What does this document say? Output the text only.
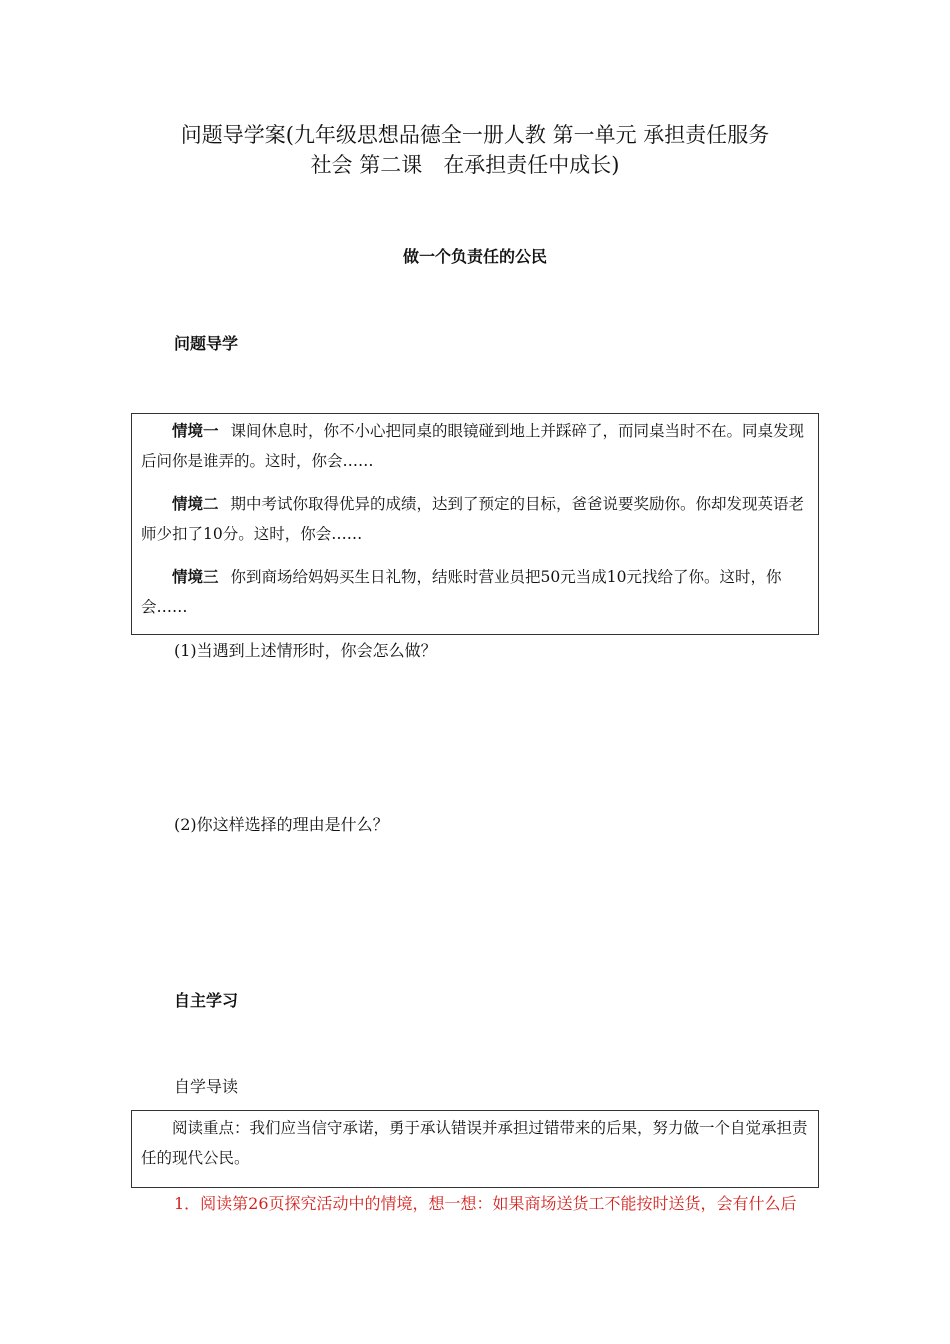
问题导学案(九年级思想品德全一册人教 第一单元 承担责任服务
社会 第二课　在承担责任中成长)
做一个负责任的公民
问题导学

情境一 课间休息时，你不小心把同桌的眼镜碰到地上并踩碎了，而同桌当时不在。同桌发现后问你是谁弄的。这时，你会……

情境二 期中考试你取得优异的成绩，达到了预定的目标，爸爸说要奖励你。你却发现英语老师少扣了10分。这时，你会……

情境三 你到商场给妈妈买生日礼物，结账时营业员把50元当成10元找给了你。这时，你会……

(1)当遇到上述情形时，你会怎么做？
(2)你这样选择的理由是什么？
自主学习
自学导读

阅读重点：我们应当信守承诺，勇于承认错误并承担过错带来的后果，努力做一个自觉承担责任的现代公民。

1．阅读第26页探究活动中的情境，想一想：如果商场送货工不能按时送货，会有什么后
